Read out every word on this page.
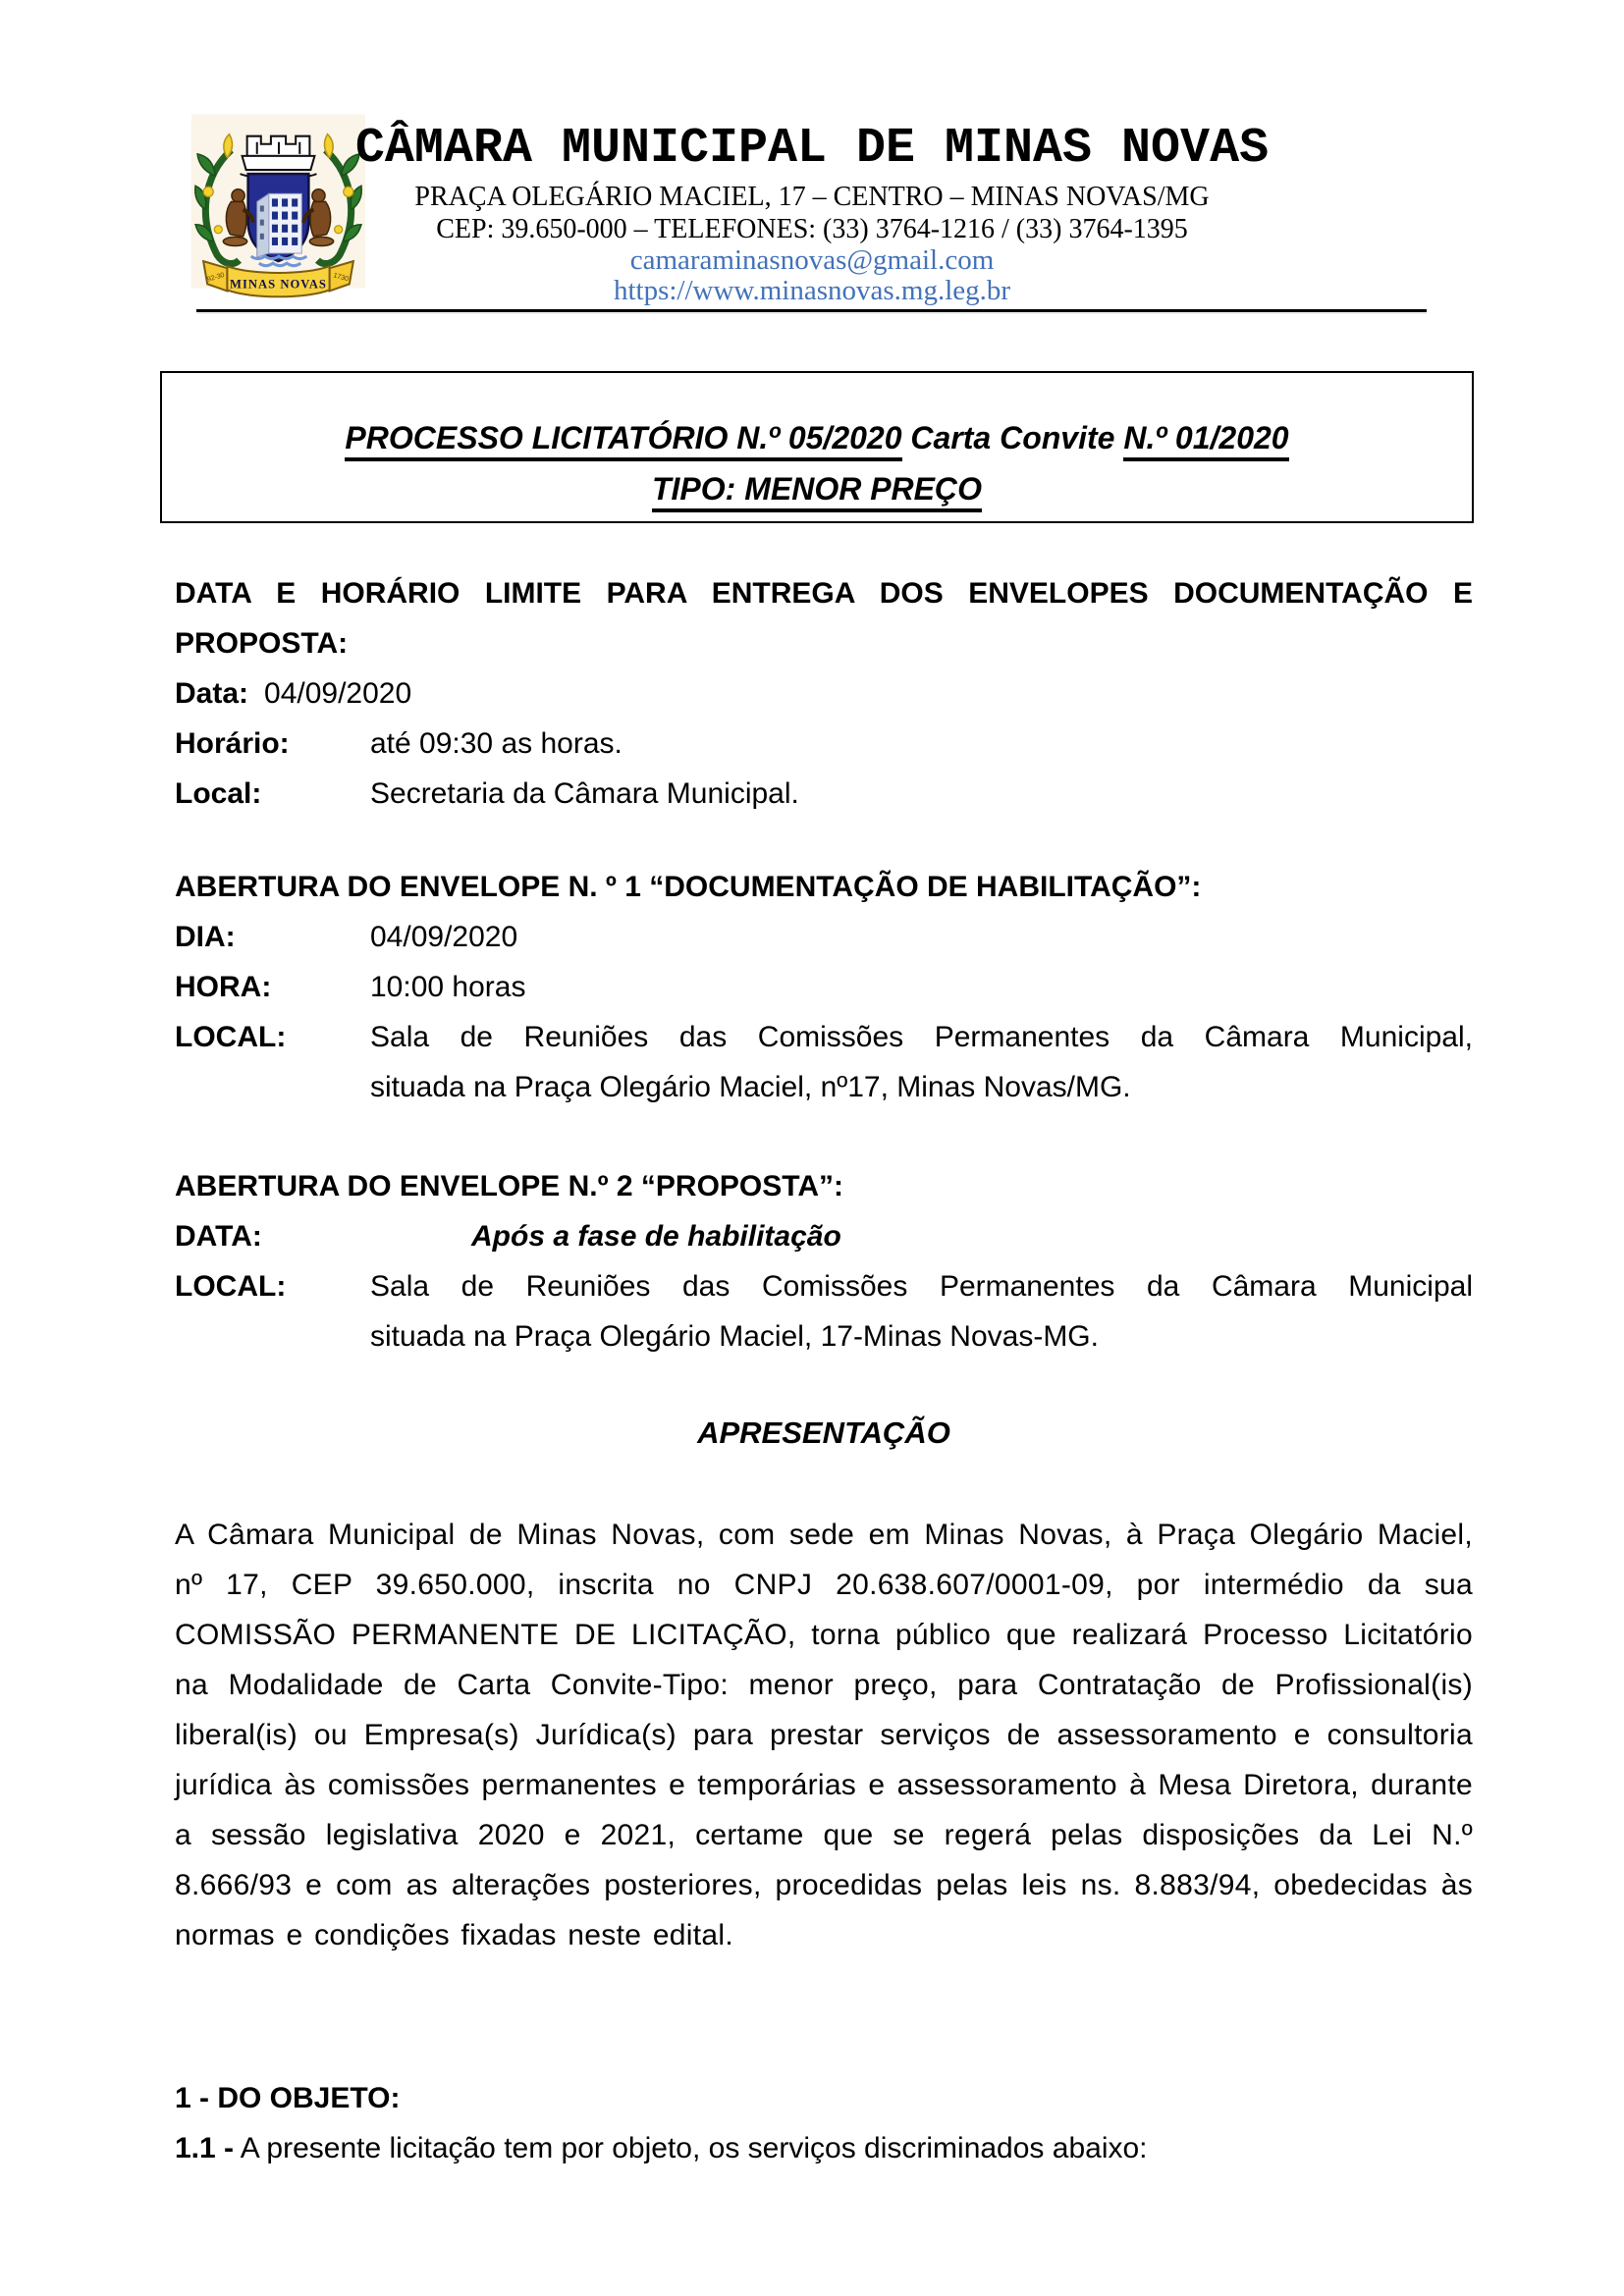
MINAS NOVAS
92-30	1730
CÂMARA MUNICIPAL DE MINAS NOVAS
PRAÇA OLEGÁRIO MACIEL, 17 – CENTRO – MINAS NOVAS/MG
CEP: 39.650-000 – TELEFONES: (33) 3764-1216 / (33) 3764-1395
camaraminasnovas@gmail.com
https://www.minasnovas.mg.leg.br
PROCESSO LICITATÓRIO N.º 05/2020 Carta Convite N.º 01/2020
TIPO: MENOR PREÇO
DATA E HORÁRIO LIMITE PARA ENTREGA DOS ENVELOPES DOCUMENTAÇÃO E
PROPOSTA:
Data: 04/09/2020
Horário:	até 09:30 as horas.
Local:	Secretaria da Câmara Municipal.
ABERTURA DO ENVELOPE N. º 1 “DOCUMENTAÇÃO DE HABILITAÇÃO”:
DIA:	04/09/2020
HORA:	10:00 horas
LOCAL:	Sala de Reuniões das Comissões Permanentes da Câmara Municipal,
situada na Praça Olegário Maciel, nº17, Minas Novas/MG.
ABERTURA DO ENVELOPE N.º 2 “PROPOSTA”:
DATA:	Após a fase de habilitação
LOCAL:	Sala de Reuniões das Comissões Permanentes da Câmara Municipal
situada na Praça Olegário Maciel, 17-Minas Novas-MG.
APRESENTAÇÃO
A Câmara Municipal de Minas Novas, com sede em Minas Novas, à Praça Olegário Maciel, nº 17, CEP 39.650.000, inscrita no CNPJ 20.638.607/0001-09, por intermédio da sua COMISSÃO PERMANENTE DE LICITAÇÃO, torna público que realizará Processo Licitatório na Modalidade de Carta Convite-Tipo: menor preço, para Contratação de Profissional(is) liberal(is) ou Empresa(s) Jurídica(s) para prestar serviços de assessoramento e consultoria jurídica às comissões permanentes e temporárias e assessoramento à Mesa Diretora, durante a sessão legislativa 2020 e 2021, certame que se regerá pelas disposições da Lei N.º 8.666/93 e com as alterações posteriores, procedidas pelas leis ns. 8.883/94, obedecidas às normas e condições fixadas neste edital.
1 - DO OBJETO:
1.1 - A presente licitação tem por objeto, os serviços discriminados abaixo:
